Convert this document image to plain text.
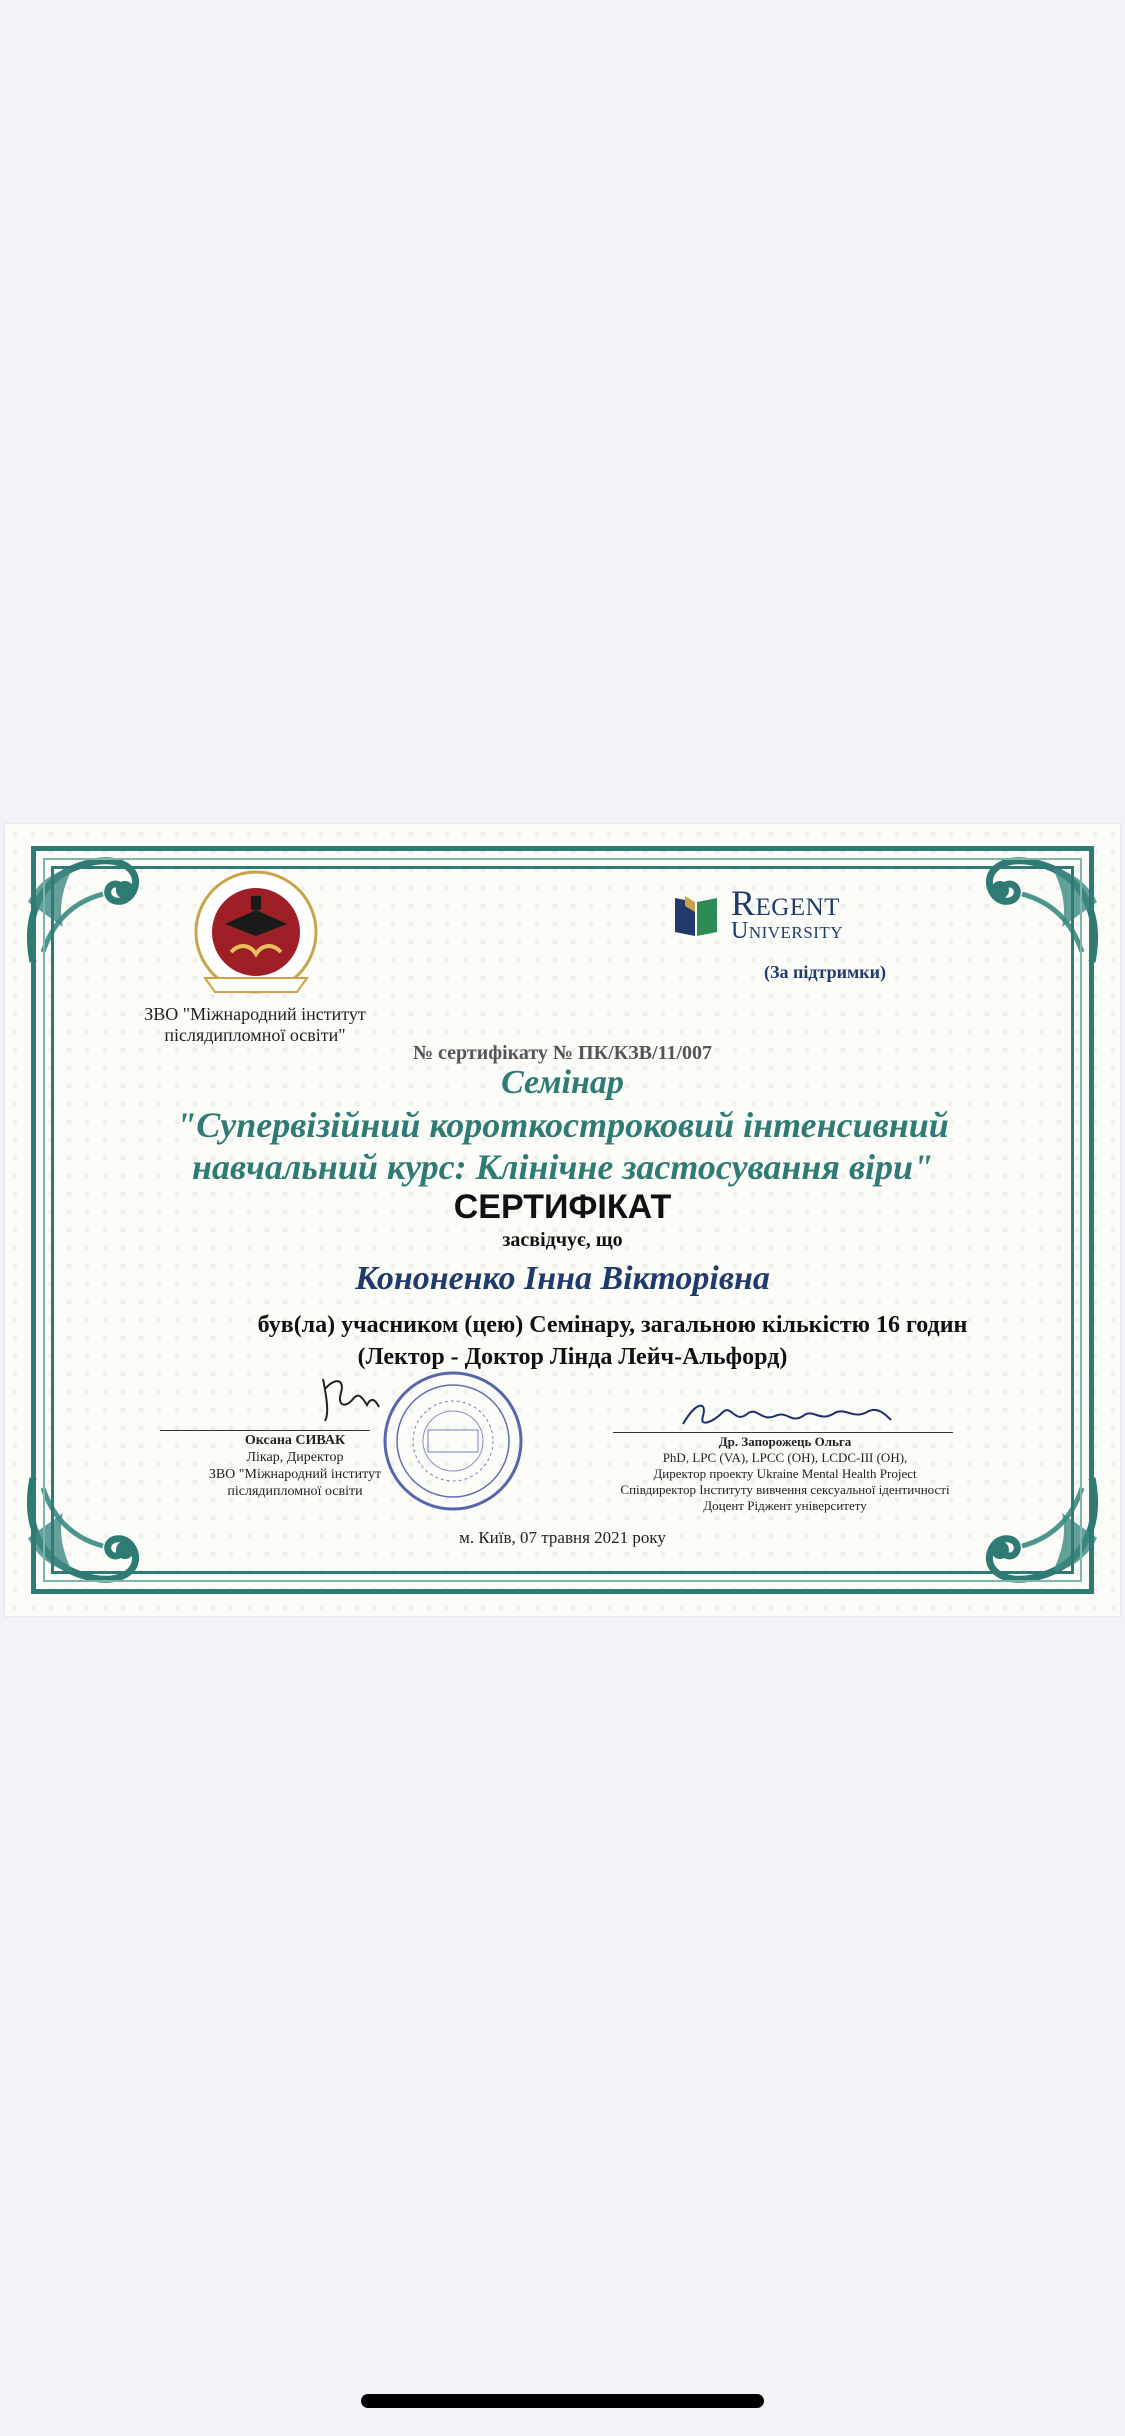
ЗВО "Міжнародний інститут
післядипломної освіти"
Regent
University
(За підтримки)
№ сертифікату № ПК/КЗВ/11/007
Семінар
"Супервізійний короткостроковий інтенсивний
навчальний курс: Клінічне застосування віри"
СЕРТИФІКАТ
засвідчує, що
Кононенко Інна Вікторівна
був(ла) учасником (цею) Семінару, загальною кількістю 16 годин
(Лектор - Доктор Лінда Лейч-Альфорд)
Оксана СИВАК
Лікар, Директор
ЗВО "Міжнародний інститут
післядипломної освіти
Др. Запорожець Ольга
PhD, LPC (VA), LPCC (OH), LCDC-III (OH),
Директор проекту Ukraine Mental Health Project
Співдиректор Інституту вивчення сексуальної ідентичності
Доцент Ріджент університету
м. Київ, 07 травня 2021 року
